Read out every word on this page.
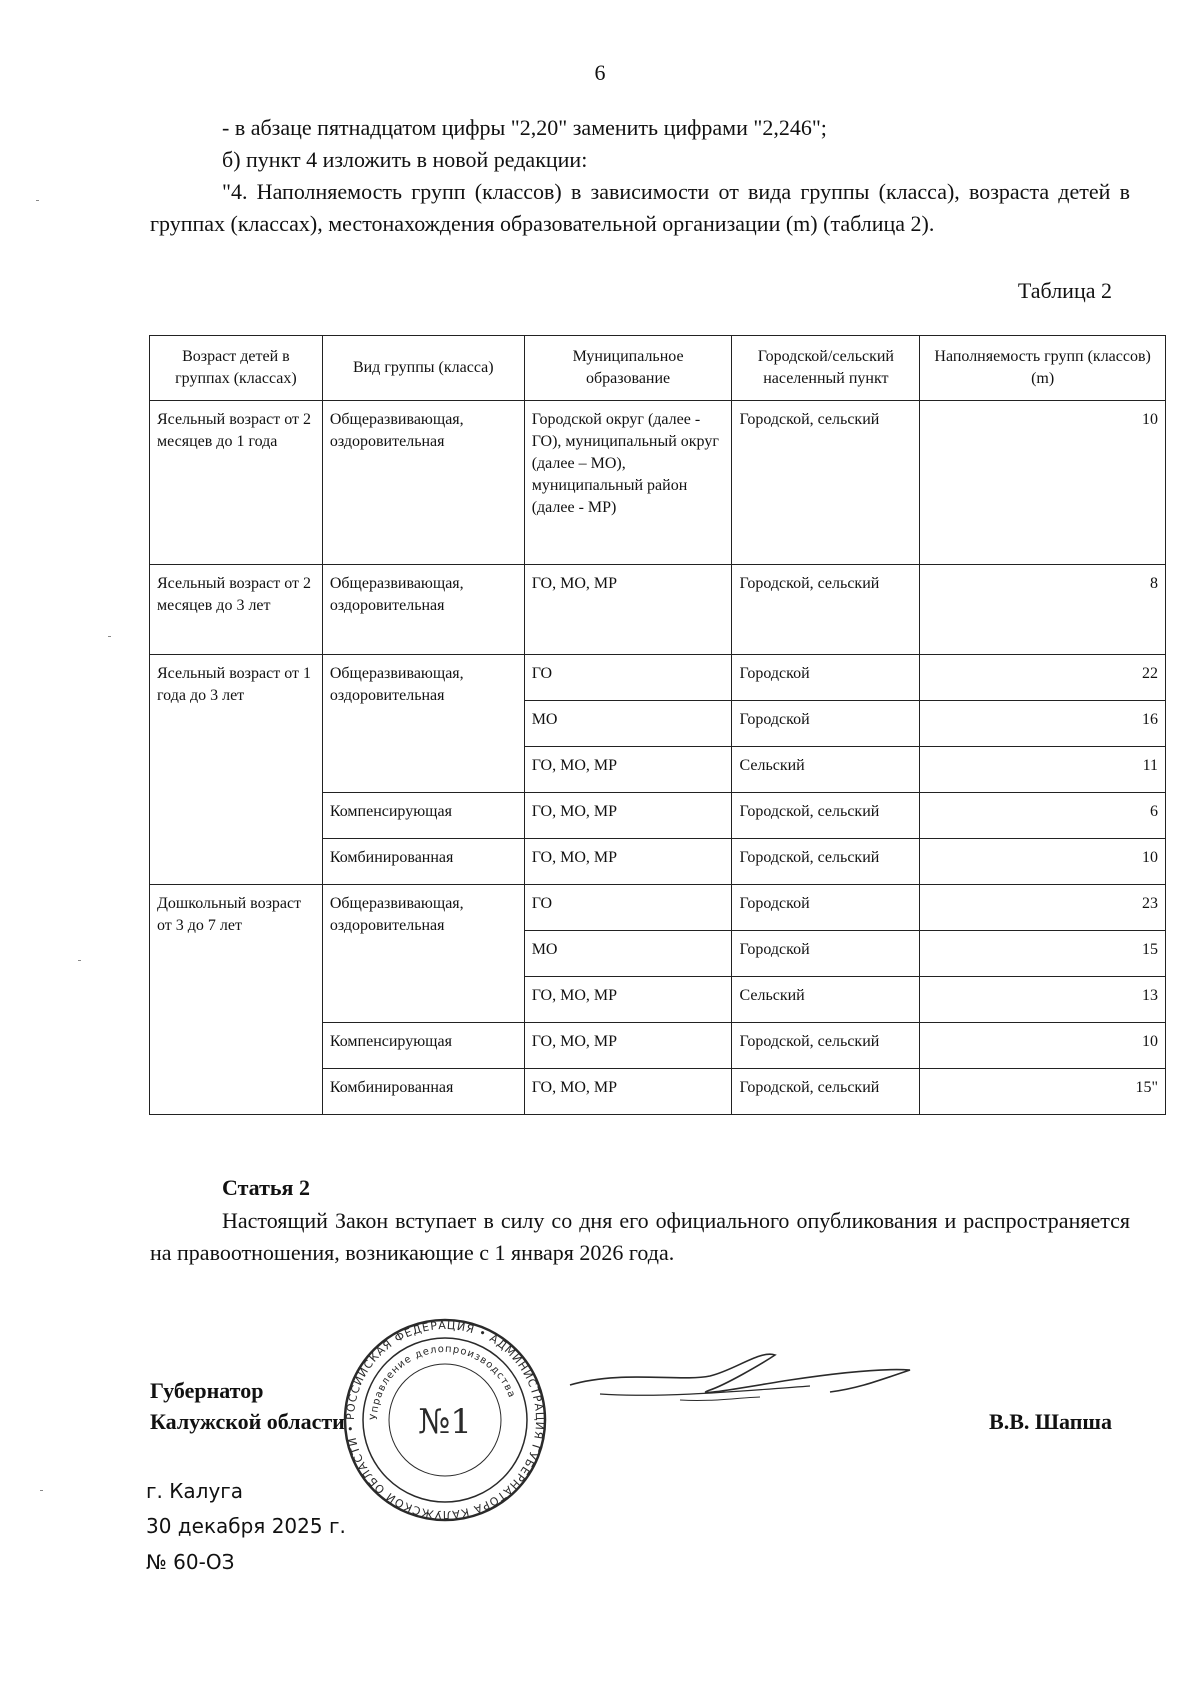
6

- в абзаце пятнадцатом цифры "2,20" заменить цифрами "2,246";

б) пункт 4 изложить в новой редакции:

"4. Наполняемость групп (классов) в зависимости от вида группы (класса), возраста детей в группах (классах), местонахождения образовательной организации (m) (таблица 2).

Таблица 2
Возраст детей в группах (классах)	Вид группы (класса)	Муниципальное образование	Городской/сельский населенный пункт	Наполняемость групп (классов) (m)
Ясельный возраст от 2 месяцев до 1 года	Общеразвивающая, оздоровительная	Городской округ (далее - ГО), муниципальный округ (далее – МО), муниципальный район (далее - МР)	Городской, сельский	10
Ясельный возраст от 2 месяцев до 3 лет	Общеразвивающая, оздоровительная	ГО, МО, МР	Городской, сельский	8
Ясельный возраст от 1 года до 3 лет	Общеразвивающая, оздоровительная	ГО	Городской	22
		МО	Городской	16
		ГО, МО, МР	Сельский	11
	Компенсирующая	ГО, МО, МР	Городской, сельский	6
	Комбинированная	ГО, МО, МР	Городской, сельский	10
Дошкольный возраст от 3 до 7 лет	Общеразвивающая, оздоровительная	ГО	Городской	23
		МО	Городской	15
		ГО, МО, МР	Сельский	13
	Компенсирующая	ГО, МО, МР	Городской, сельский	10
	Комбинированная	ГО, МО, МР	Городской, сельский	15"
Статья 2

Настоящий Закон вступает в силу со дня его официального опубликования и распространяется на правоотношения, возникающие с 1 января 2026 года.

Губернатор
Калужской области	В.В. Шапша
г. Калуга
30 декабря 2025 г.
№ 60-ОЗ
РОССИЙСКАЯ ФЕДЕРАЦИЯ • АДМИНИСТРАЦИЯ ГУБЕРНАТОРА КАЛУЖСКОЙ ОБЛАСТИ •
Управление делопроизводства
№1
